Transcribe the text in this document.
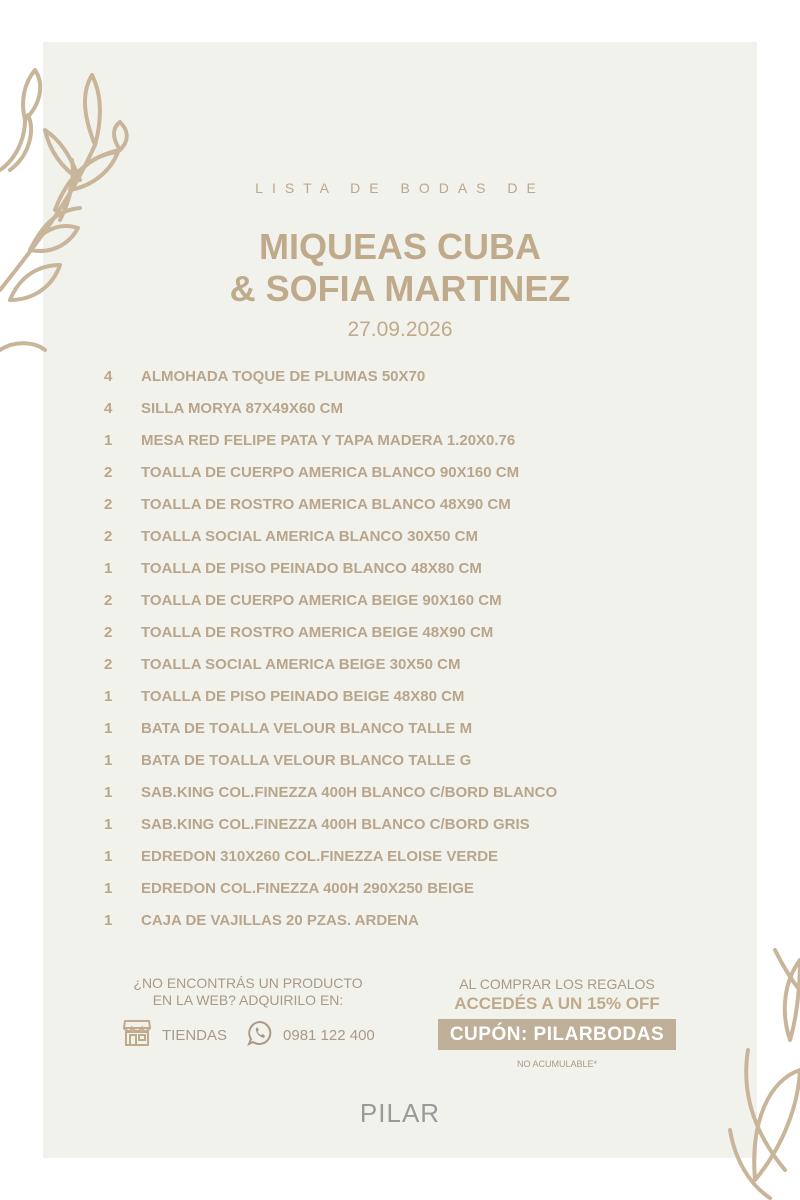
LISTA DE BODAS DE
MIQUEAS CUBA
& SOFIA MARTINEZ
27.09.2026
4	ALMOHADA TOQUE DE PLUMAS 50X70
4	SILLA MORYA 87X49X60 CM
1	MESA RED FELIPE PATA Y TAPA MADERA 1.20X0.76
2	TOALLA DE CUERPO AMERICA BLANCO 90X160 CM
2	TOALLA DE ROSTRO AMERICA BLANCO 48X90 CM
2	TOALLA SOCIAL AMERICA BLANCO 30X50 CM
1	TOALLA DE PISO PEINADO BLANCO 48X80 CM
2	TOALLA DE CUERPO AMERICA BEIGE 90X160 CM
2	TOALLA DE ROSTRO AMERICA BEIGE 48X90 CM
2	TOALLA SOCIAL AMERICA BEIGE 30X50 CM
1	TOALLA DE PISO PEINADO BEIGE 48X80 CM
1	BATA DE TOALLA VELOUR BLANCO TALLE M
1	BATA DE TOALLA VELOUR BLANCO TALLE G
1	SAB.KING COL.FINEZZA 400H BLANCO C/BORD BLANCO
1	SAB.KING COL.FINEZZA 400H BLANCO C/BORD GRIS
1	EDREDON 310X260 COL.FINEZZA ELOISE VERDE
1	EDREDON COL.FINEZZA 400H 290X250 BEIGE
1	CAJA DE VAJILLAS 20 PZAS. ARDENA
¿NO ENCONTRÁS UN PRODUCTO
EN LA WEB? ADQUIRILO EN:
TIENDAS	0981 122 400
AL COMPRAR LOS REGALOS
ACCEDÉS A UN 15% OFF
CUPÓN: PILARBODAS
NO ACUMULABLE*
PILAR
